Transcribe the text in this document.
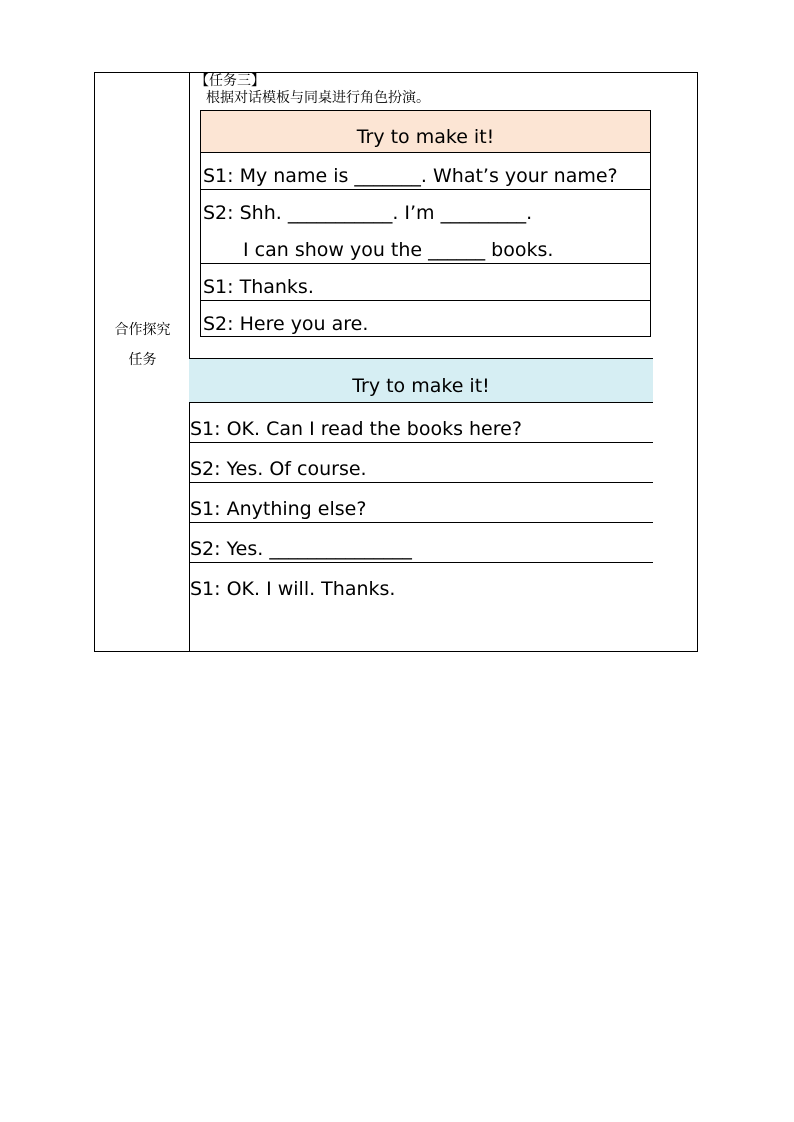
合作探究
任务
【任务三】
根据对话模板与同桌进行角色扮演。
Try to make it!
S1: My name is _______. What’s your name?
S2: Shh. ___________. I’m _________.
I can show you the ______ books.
S1: Thanks.
S2: Here you are.
Try to make it!
S1: OK. Can I read the books here?
S2: Yes. Of course.
S1: Anything else?
S2: Yes. _______________
S1: OK. I will. Thanks.
